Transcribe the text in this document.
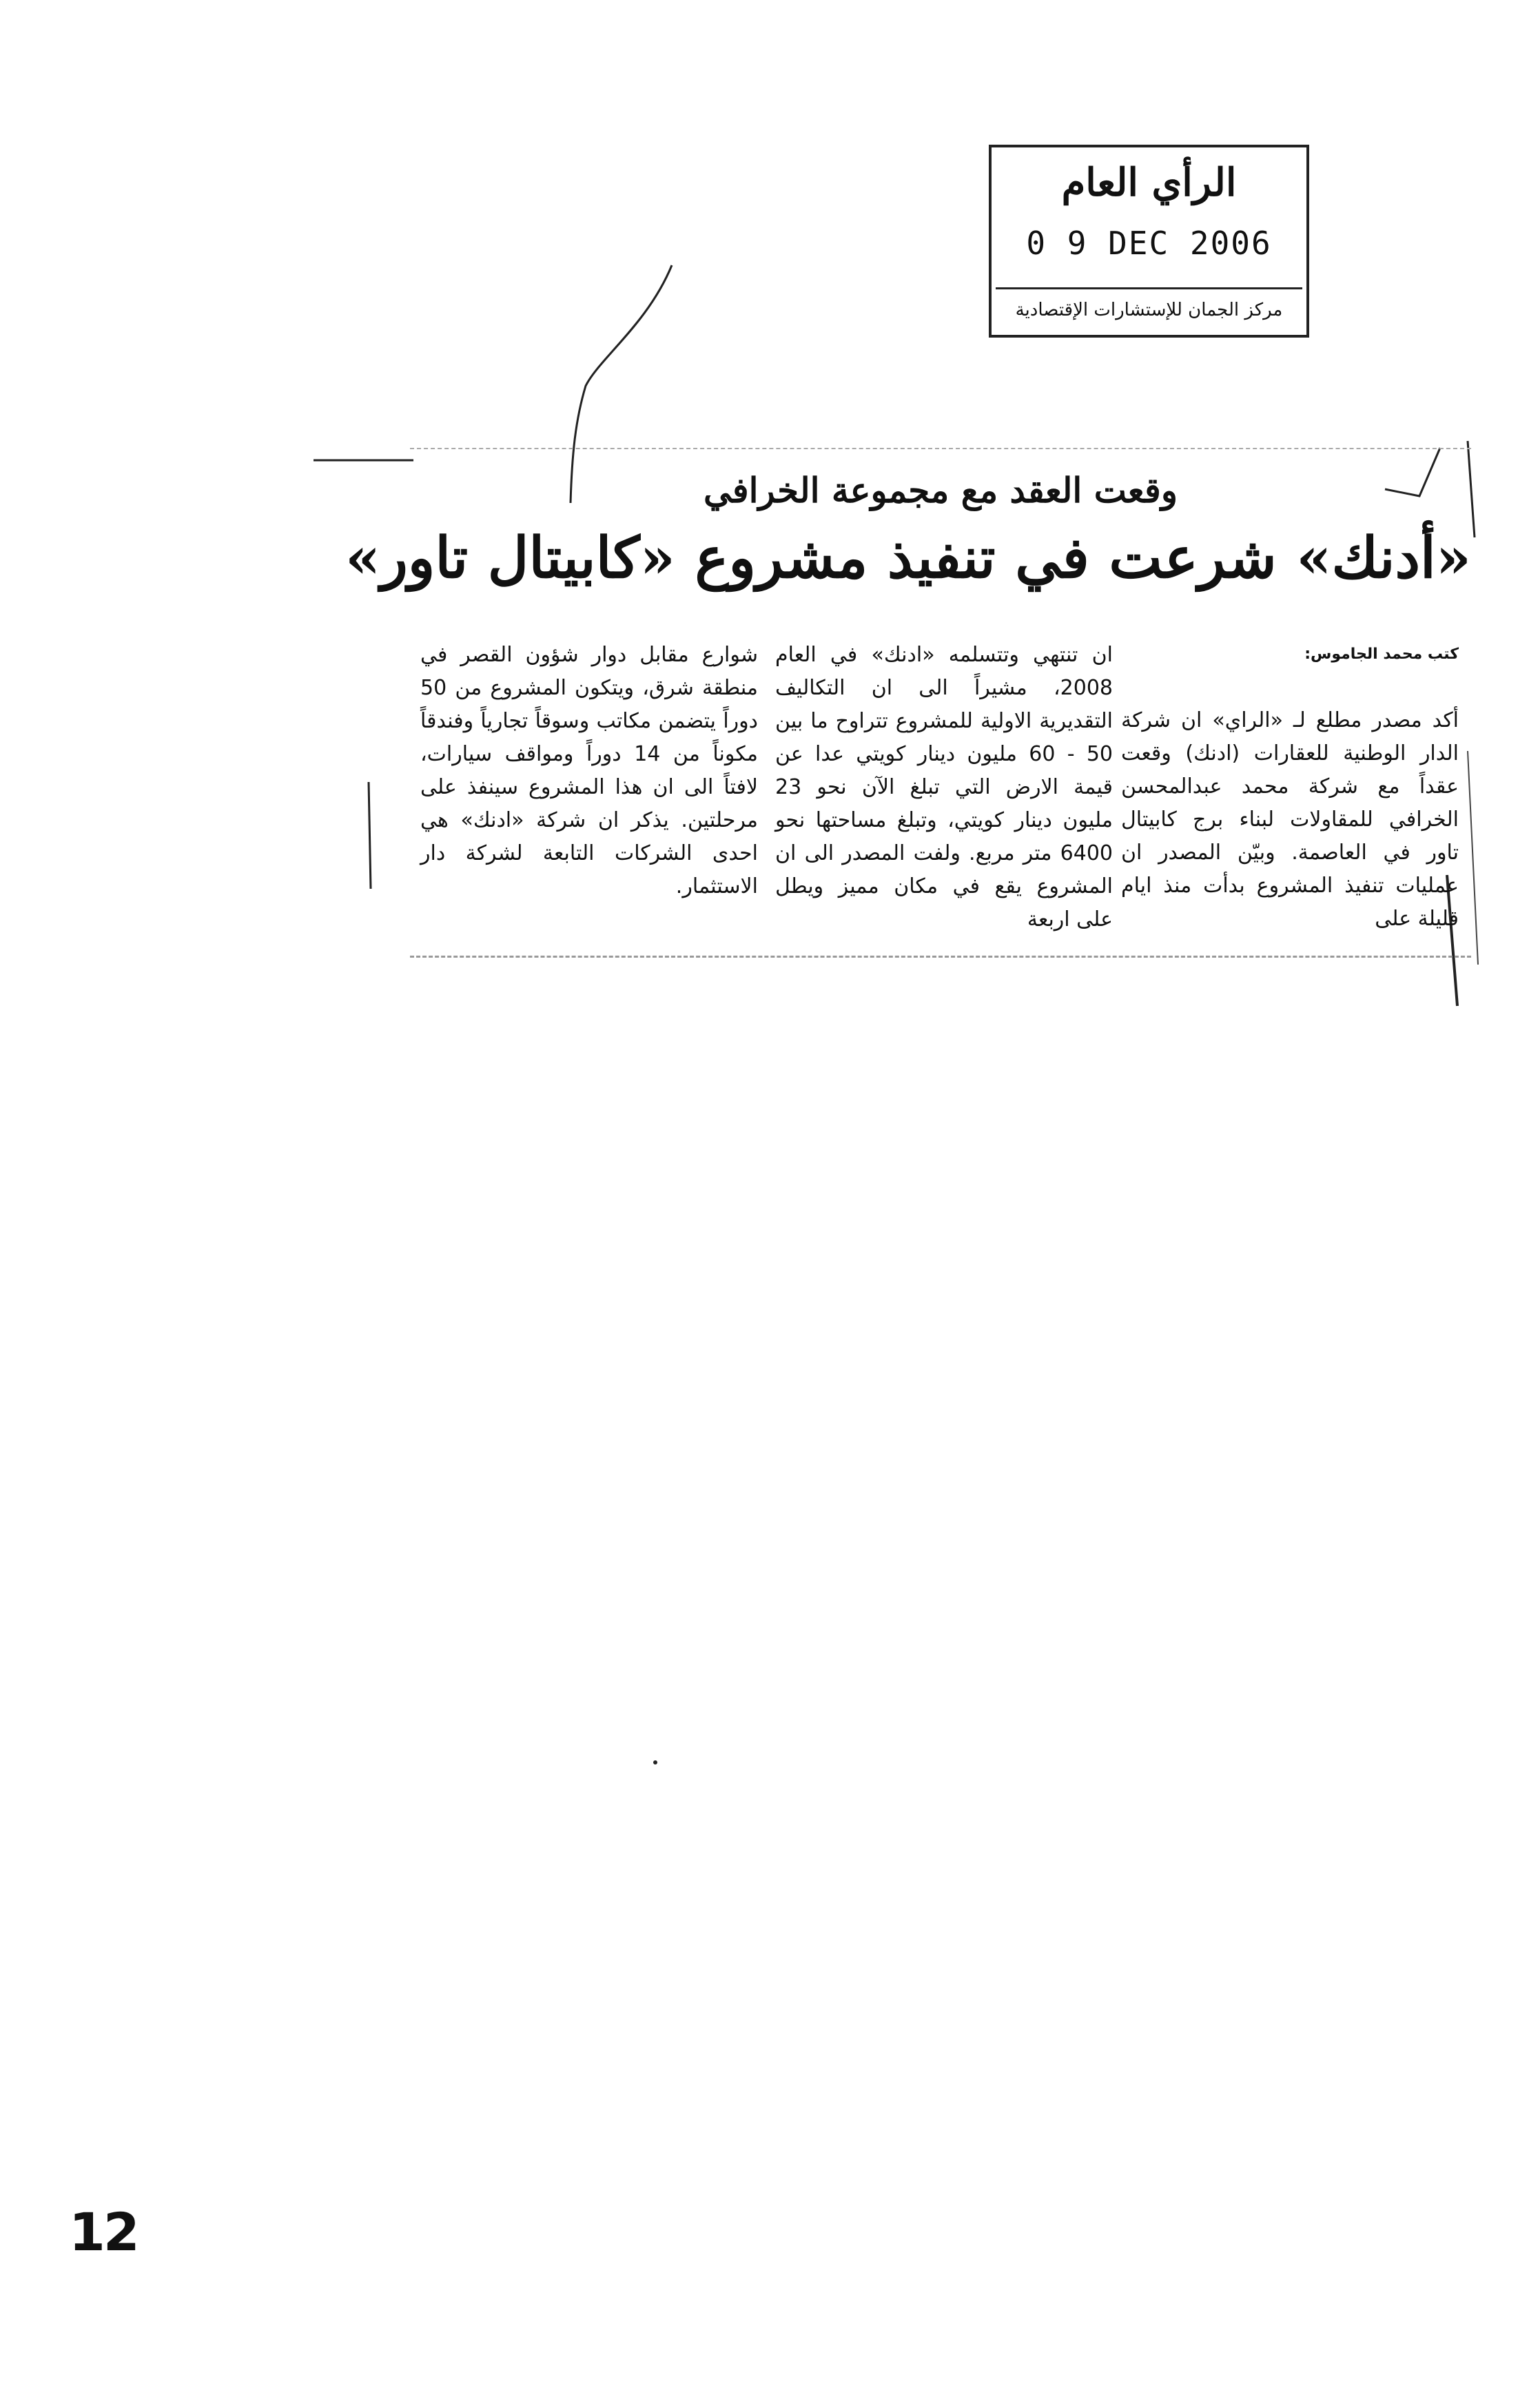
الرأي العام
0 9 DEC 2006
مركز الجمان للإستشارات الإقتصادية
وقعت العقد مع مجموعة الخرافي
«أدنك» شرعت في تنفيذ مشروع «كابيتال تاور»
كتب محمد الجاموس:

أكد مصدر مطلع لـ «الراي» ان شركة الدار الوطنية للعقارات (ادنك) وقعت عقداً مع شركة محمد عبدالمحسن الخرافي للمقاولات لبناء برج كابيتال تاور في العاصمة. وبيّن المصدر ان عمليات تنفيذ المشروع بدأت منذ ايام قليلة على

ان تنتهي وتتسلمه «ادنك» في العام 2008، مشيراً الى ان التكاليف التقديرية الاولية للمشروع تتراوح ما بين 50 - 60 مليون دينار كويتي عدا عن قيمة الارض التي تبلغ الآن نحو 23 مليون دينار كويتي، وتبلغ مساحتها نحو 6400 متر مربع. ولفت المصدر الى ان المشروع يقع في مكان مميز ويطل على اربعة

شوارع مقابل دوار شؤون القصر في منطقة شرق، ويتكون المشروع من 50 دوراً يتضمن مكاتب وسوقاً تجارياً وفندقاً مكوناً من 14 دوراً ومواقف سيارات، لافتاً الى ان هذا المشروع سينفذ على مرحلتين. يذكر ان شركة «ادنك» هي احدى الشركات التابعة لشركة دار الاستثمار.

12
